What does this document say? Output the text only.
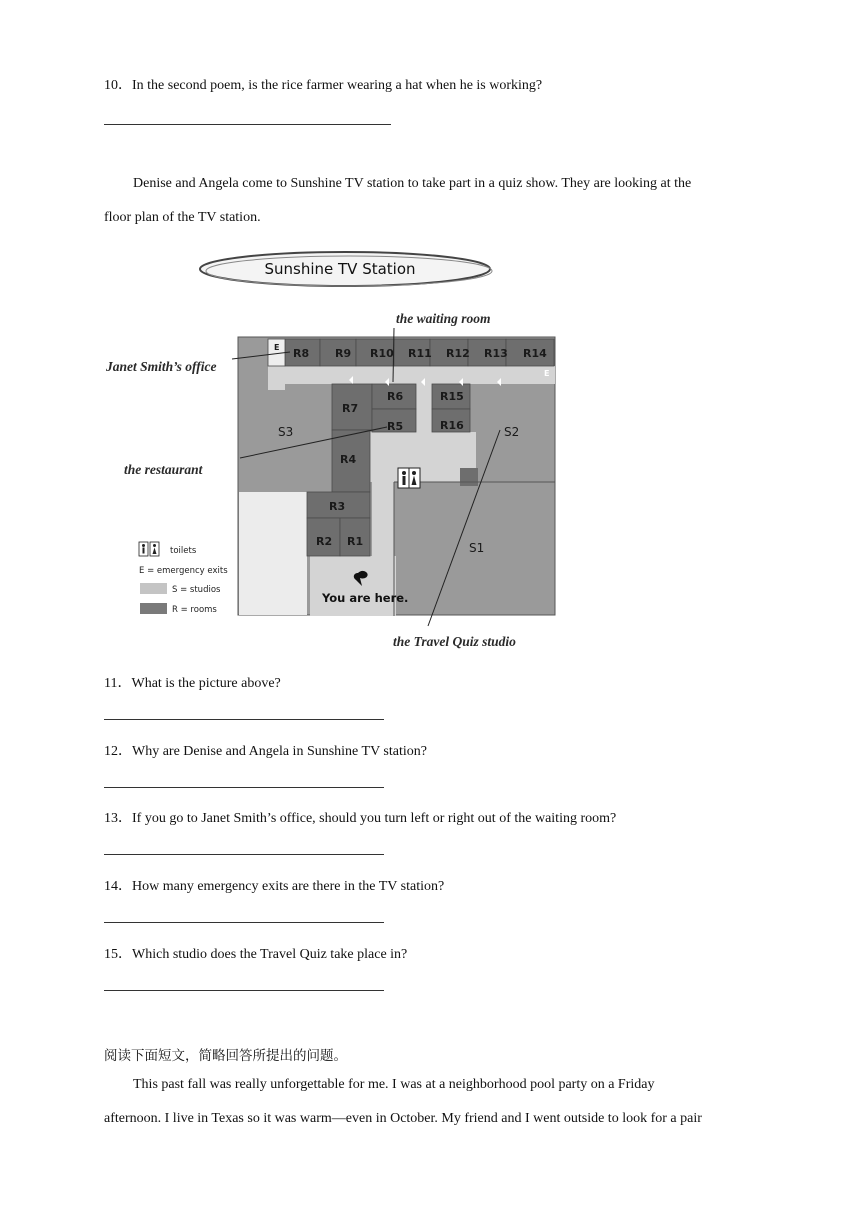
10．In the second poem, is the rice farmer wearing a hat when he is working?
Denise and Angela come to Sunshine TV station to take part in a quiz show. They are looking at the
floor plan of the TV station.
Sunshine TV Station
R8 R9 R10 R11 R12 R13 R14
R7
R6
R5
R15
R16
R4
R3
R2 R1
S3	S2
S1
E
E
You are here.
the waiting room
Janet Smith’s office
the restaurant
the Travel Quiz studio
toilets
E = emergency exits
S = studios
R = rooms
11．What is the picture above?
12．Why are Denise and Angela in Sunshine TV station?
13．If you go to Janet Smith’s office, should you turn left or right out of the waiting room?
14．How many emergency exits are there in the TV station?
15．Which studio does the Travel Quiz take place in?
阅读下面短文，简略回答所提出的问题。
This past fall was really unforgettable for me. I was at a neighborhood pool party on a Friday
afternoon. I live in Texas so it was warm—even in October. My friend and I went outside to look for a pair
